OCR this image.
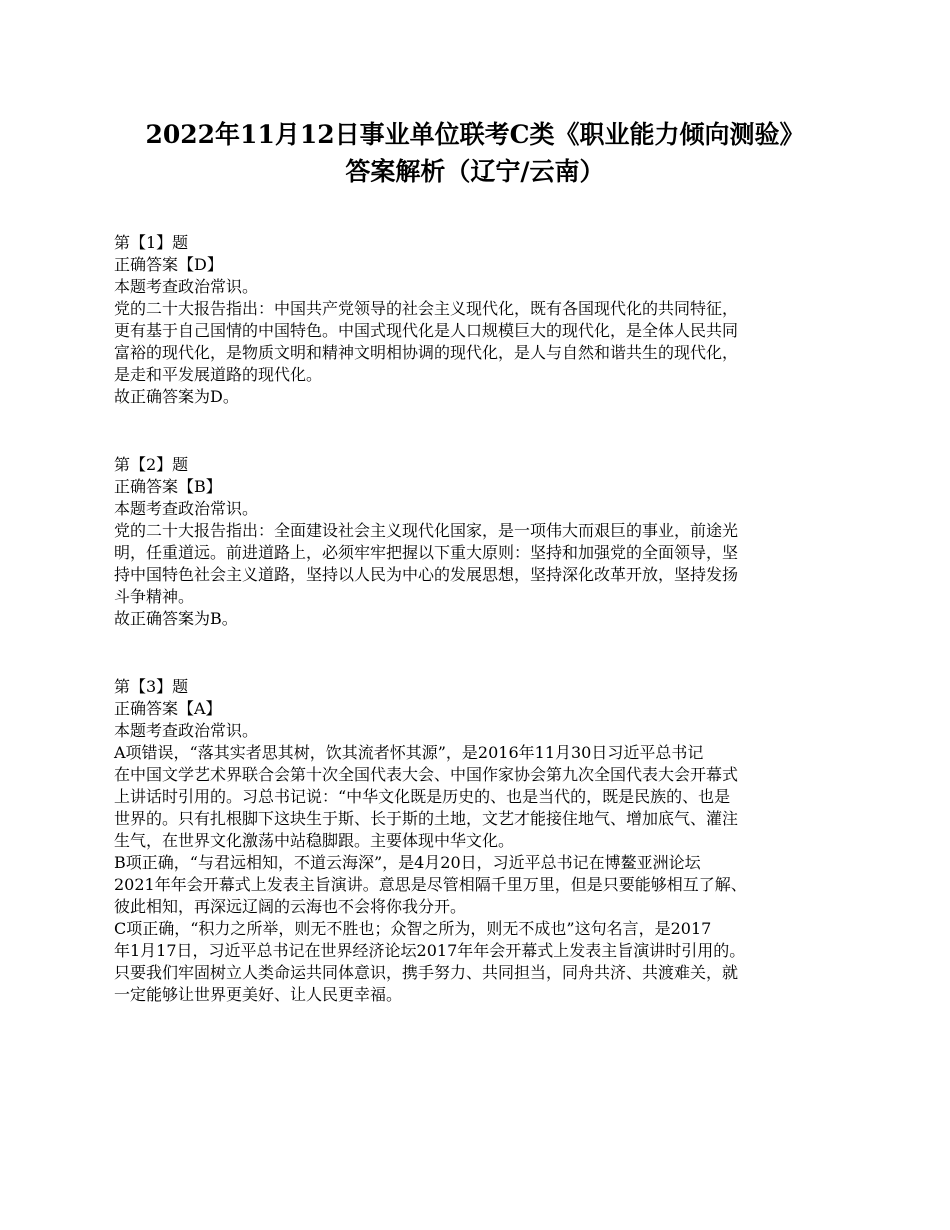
2022年11月12日事业单位联考C类《职业能力倾向测验》
答案解析（辽宁/云南）
第【1】题
正确答案【D】
本题考查政治常识。
党的二十大报告指出：中国共产党领导的社会主义现代化，既有各国现代化的共同特征，
更有基于自己国情的中国特色。中国式现代化是人口规模巨大的现代化，是全体人民共同
富裕的现代化，是物质文明和精神文明相协调的现代化，是人与自然和谐共生的现代化，
是走和平发展道路的现代化。
故正确答案为D。
第【2】题
正确答案【B】
本题考查政治常识。
党的二十大报告指出：全面建设社会主义现代化国家，是一项伟大而艰巨的事业，前途光
明，任重道远。前进道路上，必须牢牢把握以下重大原则：坚持和加强党的全面领导，坚
持中国特色社会主义道路，坚持以人民为中心的发展思想，坚持深化改革开放，坚持发扬
斗争精神。
故正确答案为B。
第【3】题
正确答案【A】
本题考查政治常识。
A项错误，“落其实者思其树，饮其流者怀其源”，是2016年11月30日习近平总书记
在中国文学艺术界联合会第十次全国代表大会、中国作家协会第九次全国代表大会开幕式
上讲话时引用的。习总书记说：“中华文化既是历史的、也是当代的，既是民族的、也是
世界的。只有扎根脚下这块生于斯、长于斯的土地，文艺才能接住地气、增加底气、灌注
生气，在世界文化激荡中站稳脚跟。主要体现中华文化。
B项正确，“与君远相知，不道云海深”，是4月20日，习近平总书记在博鳌亚洲论坛
2021年年会开幕式上发表主旨演讲。意思是尽管相隔千里万里，但是只要能够相互了解、
彼此相知，再深远辽阔的云海也不会将你我分开。
C项正确，“积力之所举，则无不胜也；众智之所为，则无不成也”这句名言，是2017
年1月17日，习近平总书记在世界经济论坛2017年年会开幕式上发表主旨演讲时引用的。
只要我们牢固树立人类命运共同体意识，携手努力、共同担当，同舟共济、共渡难关，就
一定能够让世界更美好、让人民更幸福。
